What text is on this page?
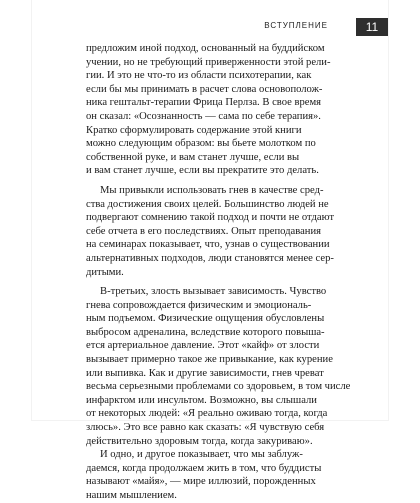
ВСТУПЛЕНИЕ	11

предложим иной подход, основанный на буддийском
учении, но не требующий приверженности этой рели-
гии. И это не что-то из области психотерапии, как
если бы мы принимать в расчет слова основополож-
ника гештальт-терапии Фрица Перлза. В свое время
он сказал: «Осознанность — сама по себе терапия».
Кратко сформулировать содержание этой книги
можно следующим образом: вы бьете молотком по
собственной руке, и вам станет лучше, если вы
и вам станет лучше, если вы прекратите это делать.

Мы привыкли использовать гнев в качестве сред-
ства достижения своих целей. Большинство людей не
подвергают сомнению такой подход и почти не отдают
себе отчета в его последствиях. Опыт преподавания
на семинарах показывает, что, узнав о существовании
альтернативных подходов, люди становятся менее сер-
дитыми.

В-третьих, злость вызывает зависимость. Чувство
гнева сопровождается физическим и эмоциональ-
ным подъемом. Физические ощущения обусловлены
выбросом адреналина, вследствие которого повыша-
ется артериальное давление. Этот «кайф» от злости
вызывает примерно такое же привыкание, как курение
или выпивка. Как и другие зависимости, гнев чреват
весьма серьезными проблемами со здоровьем, в том числе
инфарктом или инсультом. Возможно, вы слышали
от некоторых людей: «Я реально оживаю тогда, когда
злюсь». Это все равно как сказать: «Я чувствую себя
действительно здоровым тогда, когда закуриваю».
И одно, и другое показывает, что мы заблуж-
даемся, когда продолжаем жить в том, что буддисты
называют «майя», — мире иллюзий, порожденных
нашим мышлением.
